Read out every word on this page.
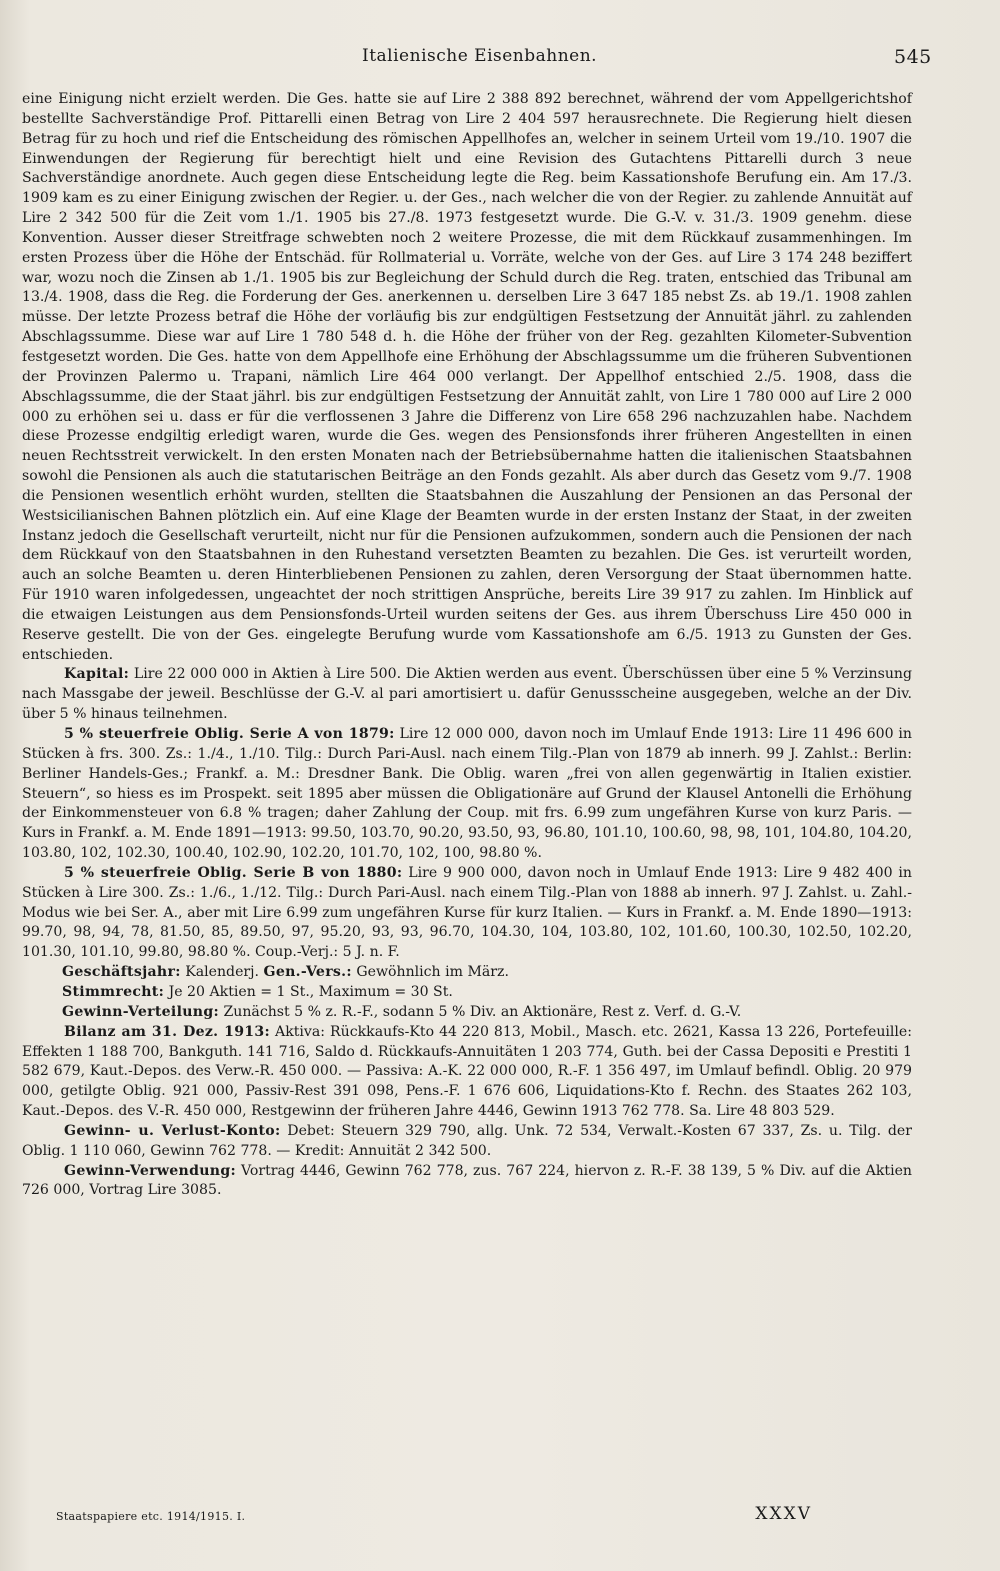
Italienische Eisenbahnen.	545

eine Einigung nicht erzielt werden. Die Ges. hatte sie auf Lire 2 388 892 berechnet, während der vom Appellgerichtshof bestellte Sachverständige Prof. Pittarelli einen Betrag von Lire 2 404 597 herausrechnete. Die Regierung hielt diesen Betrag für zu hoch und rief die Entscheidung des römischen Appellhofes an, welcher in seinem Urteil vom 19./10. 1907 die Einwendungen der Regierung für berechtigt hielt und eine Revision des Gutachtens Pittarelli durch 3 neue Sachverständige anordnete. Auch gegen diese Entscheidung legte die Reg. beim Kassationshofe Berufung ein. Am 17./3. 1909 kam es zu einer Einigung zwischen der Regier. u. der Ges., nach welcher die von der Regier. zu zahlende Annuität auf Lire 2 342 500 für die Zeit vom 1./1. 1905 bis 27./8. 1973 festgesetzt wurde. Die G.-V. v. 31./3. 1909 genehm. diese Konvention. Ausser dieser Streitfrage schwebten noch 2 weitere Prozesse, die mit dem Rückkauf zusammenhingen. Im ersten Prozess über die Höhe der Entschäd. für Rollmaterial u. Vorräte, welche von der Ges. auf Lire 3 174 248 beziffert war, wozu noch die Zinsen ab 1./1. 1905 bis zur Begleichung der Schuld durch die Reg. traten, entschied das Tribunal am 13./4. 1908, dass die Reg. die Forderung der Ges. anerkennen u. derselben Lire 3 647 185 nebst Zs. ab 19./1. 1908 zahlen müsse. Der letzte Prozess betraf die Höhe der vorläufig bis zur endgültigen Festsetzung der Annuität jährl. zu zahlenden Abschlagssumme. Diese war auf Lire 1 780 548 d. h. die Höhe der früher von der Reg. gezahlten Kilometer-Subvention festgesetzt worden. Die Ges. hatte von dem Appellhofe eine Erhöhung der Abschlagssumme um die früheren Subventionen der Provinzen Palermo u. Trapani, nämlich Lire 464 000 verlangt. Der Appellhof entschied 2./5. 1908, dass die Abschlagssumme, die der Staat jährl. bis zur endgültigen Festsetzung der Annuität zahlt, von Lire 1 780 000 auf Lire 2 000 000 zu erhöhen sei u. dass er für die verflossenen 3 Jahre die Differenz von Lire 658 296 nachzuzahlen habe. Nachdem diese Prozesse endgiltig erledigt waren, wurde die Ges. wegen des Pensionsfonds ihrer früheren Angestellten in einen neuen Rechtsstreit verwickelt. In den ersten Monaten nach der Betriebsübernahme hatten die italienischen Staatsbahnen sowohl die Pensionen als auch die statutarischen Beiträge an den Fonds gezahlt. Als aber durch das Gesetz vom 9./7. 1908 die Pensionen wesentlich erhöht wurden, stellten die Staatsbahnen die Auszahlung der Pensionen an das Personal der Westsicilianischen Bahnen plötzlich ein. Auf eine Klage der Beamten wurde in der ersten Instanz der Staat, in der zweiten Instanz jedoch die Gesellschaft verurteilt, nicht nur für die Pensionen aufzukommen, sondern auch die Pensionen der nach dem Rückkauf von den Staatsbahnen in den Ruhestand versetzten Beamten zu bezahlen. Die Ges. ist verurteilt worden, auch an solche Beamten u. deren Hinterbliebenen Pensionen zu zahlen, deren Versorgung der Staat übernommen hatte. Für 1910 waren infolgedessen, ungeachtet der noch strittigen Ansprüche, bereits Lire 39 917 zu zahlen. Im Hinblick auf die etwaigen Leistungen aus dem Pensionsfonds-Urteil wurden seitens der Ges. aus ihrem Überschuss Lire 450 000 in Reserve gestellt. Die von der Ges. eingelegte Berufung wurde vom Kassationshofe am 6./5. 1913 zu Gunsten der Ges. entschieden.

Kapital: Lire 22 000 000 in Aktien à Lire 500. Die Aktien werden aus event. Überschüssen über eine 5 % Verzinsung nach Massgabe der jeweil. Beschlüsse der G.-V. al pari amortisiert u. dafür Genussscheine ausgegeben, welche an der Div. über 5 % hinaus teilnehmen.

5 % steuerfreie Oblig. Serie A von 1879: Lire 12 000 000, davon noch im Umlauf Ende 1913: Lire 11 496 600 in Stücken à frs. 300. Zs.: 1./4., 1./10. Tilg.: Durch Pari-Ausl. nach einem Tilg.-Plan von 1879 ab innerh. 99 J. Zahlst.: Berlin: Berliner Handels-Ges.; Frankf. a. M.: Dresdner Bank. Die Oblig. waren „frei von allen gegenwärtig in Italien existier. Steuern“, so hiess es im Prospekt. seit 1895 aber müssen die Obligationäre auf Grund der Klausel Antonelli die Erhöhung der Einkommensteuer von 6.8 % tragen; daher Zahlung der Coup. mit frs. 6.99 zum ungefähren Kurse von kurz Paris. — Kurs in Frankf. a. M. Ende 1891—1913: 99.50, 103.70, 90.20, 93.50, 93, 96.80, 101.10, 100.60, 98, 98, 101, 104.80, 104.20, 103.80, 102, 102.30, 100.40, 102.90, 102.20, 101.70, 102, 100, 98.80 %.

5 % steuerfreie Oblig. Serie B von 1880: Lire 9 900 000, davon noch in Umlauf Ende 1913: Lire 9 482 400 in Stücken à Lire 300. Zs.: 1./6., 1./12. Tilg.: Durch Pari-Ausl. nach einem Tilg.-Plan von 1888 ab innerh. 97 J. Zahlst. u. Zahl.-Modus wie bei Ser. A., aber mit Lire 6.99 zum ungefähren Kurse für kurz Italien. — Kurs in Frankf. a. M. Ende 1890—1913: 99.70, 98, 94, 78, 81.50, 85, 89.50, 97, 95.20, 93, 93, 96.70, 104.30, 104, 103.80, 102, 101.60, 100.30, 102.50, 102.20, 101.30, 101.10, 99.80, 98.80 %. Coup.-Verj.: 5 J. n. F.

Geschäftsjahr: Kalenderj. Gen.-Vers.: Gewöhnlich im März.

Stimmrecht: Je 20 Aktien = 1 St., Maximum = 30 St.

Gewinn-Verteilung: Zunächst 5 % z. R.-F., sodann 5 % Div. an Aktionäre, Rest z. Verf. d. G.-V.

Bilanz am 31. Dez. 1913: Aktiva: Rückkaufs-Kto 44 220 813, Mobil., Masch. etc. 2621, Kassa 13 226, Portefeuille: Effekten 1 188 700, Bankguth. 141 716, Saldo d. Rückkaufs-Annuitäten 1 203 774, Guth. bei der Cassa Depositi e Prestiti 1 582 679, Kaut.-Depos. des Verw.-R. 450 000. — Passiva: A.-K. 22 000 000, R.-F. 1 356 497, im Umlauf befindl. Oblig. 20 979 000, getilgte Oblig. 921 000, Passiv-Rest 391 098, Pens.-F. 1 676 606, Liquidations-Kto f. Rechn. des Staates 262 103, Kaut.-Depos. des V.-R. 450 000, Restgewinn der früheren Jahre 4446, Gewinn 1913 762 778. Sa. Lire 48 803 529.

Gewinn- u. Verlust-Konto: Debet: Steuern 329 790, allg. Unk. 72 534, Verwalt.-Kosten 67 337, Zs. u. Tilg. der Oblig. 1 110 060, Gewinn 762 778. — Kredit: Annuität 2 342 500.

Gewinn-Verwendung: Vortrag 4446, Gewinn 762 778, zus. 767 224, hiervon z. R.-F. 38 139, 5 % Div. auf die Aktien 726 000, Vortrag Lire 3085.

Staatspapiere etc. 1914/1915. I.	XXXV
